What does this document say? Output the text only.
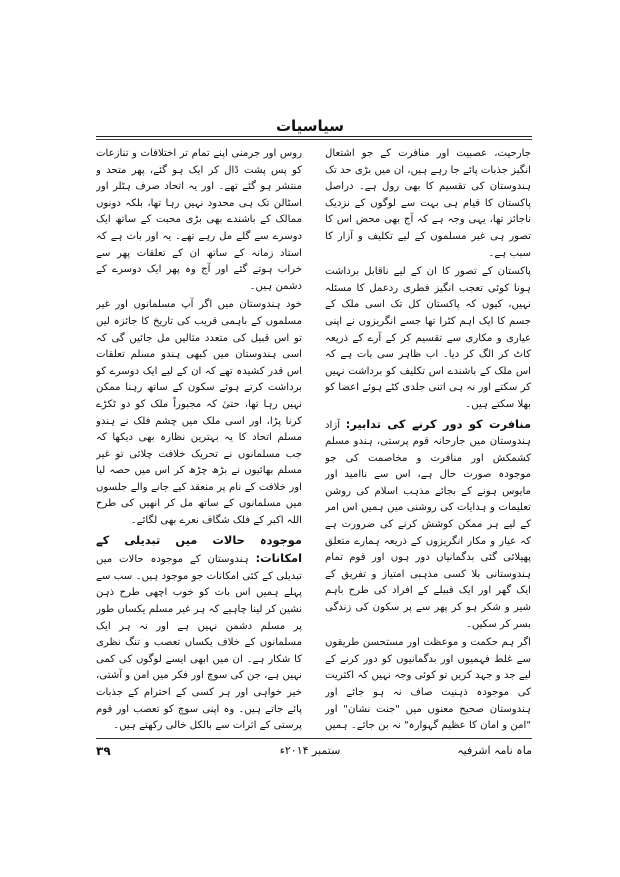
سیاسیات

جارحیت، عصبیت اور منافرت کے جو اشتعال انگیز جذبات پائے جا رہے ہیں، ان میں بڑی حد تک ہندوستان کی تقسیم کا بھی رول ہے۔ دراصل پاکستان کا قیام ہی بہت سے لوگوں کے نزدیک ناجائز تھا، یہی وجہ ہے کہ آج بھی محض اس کا تصور ہی غیر مسلموں کے لیے تکلیف و آزار کا سبب ہے۔

پاکستان کے تصور کا ان کے لیے ناقابل برداشت ہونا کوئی تعجب انگیز فطری ردعمل کا مسئلہ نہیں، کیوں کہ پاکستان کل تک اسی ملک کے جسم کا ایک اہم کٹرا تھا جسے انگریزوں نے اپنی عیاری و مکاری سے تقسیم کر کے آرے کے ذریعہ کاٹ کر الگ کر دیا۔ اب ظاہر سی بات ہے کہ اس ملک کے باشندے اس تکلیف کو برداشت نہیں کر سکتے اور نہ ہی اتنی جلدی کٹے ہوئے اعضا کو بھلا سکتے ہیں۔

منافرت کو دور کرنے کی تدابیر: آزاد ہندوستان میں جارحانہ قوم پرستی، ہندو مسلم کشمکش اور منافرت و مخاصمت کی جو موجودہ صورت حال ہے، اس سے ناامید اور مایوس ہونے کے بجائے مذہب اسلام کی روشن تعلیمات و ہدایات کی روشنی میں ہمیں اس امر کے لیے ہر ممکن کوشش کرنے کی ضرورت ہے کہ عیار و مکار انگریزوں کے ذریعہ ہمارے متعلق پھیلائی گئی بدگمانیاں دور ہوں اور قوم تمام ہندوستانی بلا کسی مذہبی امتیاز و تفریق کے ایک گھر اور ایک قبیلے کے افراد کی طرح باہم شیر و شکر ہو کر پھر سے پر سکون کی زندگی بسر کر سکیں۔

اگر ہم حکمت و موعظت اور مستحسن طریقوں سے غلط فہمیوں اور بدگمانیوں کو دور کرنے کے لیے جد و جہد کریں تو کوئی وجہ نہیں کہ اکثریت کی موجودہ ذہنیت صاف نہ ہو جائے اور ہندوستان صحیح معنوں میں "جنت نشان" اور "امن و امان کا عظیم گہوارہ" نہ بن جائے۔ ہمیں

روس اور جرمنی اپنے تمام تر اختلافات و تنازعات کو پس پشت ڈال کر ایک ہو گئے، پھر متحد و منتشر ہو گئے تھے۔ اور یہ اتحاد صرف ہٹلر اور اسٹالن تک ہی محدود نہیں رہا تھا، بلکہ دونوں ممالک کے باشندے بھی بڑی محبت کے ساتھ ایک دوسرے سے گلے مل رہے تھے۔ یہ اور بات ہے کہ استاد زمانہ کے ساتھ ان کے تعلقات پھر سے خراب ہوتے گئے اور آج وہ پھر ایک دوسرے کے دشمن ہیں۔

خود ہندوستان میں اگر آپ مسلمانوں اور غیر مسلموں کے باہمی قریب کی تاریخ کا جائزہ لیں تو اس قبیل کی متعدد مثالیں مل جائیں گی کہ اسی ہندوستان میں کبھی ہندو مسلم تعلقات اس قدر کشیدہ تھے کہ ان کے لیے ایک دوسرے کو برداشت کرتے ہوئے سکون کے ساتھ رہنا ممکن نہیں رہا تھا، حتیٰ کہ مجبوراً ملک کو دو ٹکڑے کرنا پڑا، اور اسی ملک میں چشم فلک نے ہندو مسلم اتحاد کا یہ بہترین نظارہ بھی دیکھا کہ جب مسلمانوں نے تحریک خلافت چلائی تو غیر مسلم بھائیوں نے بڑھ چڑھ کر اس میں حصہ لیا اور خلافت کے نام پر منعقد کیے جانے والے جلسوں میں مسلمانوں کے ساتھ مل کر انھیں کی طرح اللہ اکبر کے فلک شگاف نعرے بھی لگائے۔

موجودہ حالات میں تبدیلی کے امکانات: ہندوستان کے موجودہ حالات میں تبدیلی کے کئی امکانات جو موجود ہیں۔ سب سے پہلے ہمیں اس بات کو خوب اچھی طرح ذہن نشین کر لینا چاہیے کہ ہر غیر مسلم یکساں طور پر مسلم دشمن نہیں ہے اور نہ ہر ایک مسلمانوں کے خلاف یکساں تعصب و تنگ نظری کا شکار ہے۔ ان میں ابھی ایسے لوگوں کی کمی نہیں ہے، جن کی سوچ اور فکر میں امن و آشتی، خیر خواہی اور ہر کسی کے احترام کے جذبات پائے جاتے ہیں۔ وہ اپنی سوچ کو تعصب اور قوم پرستی کے اثرات سے بالکل خالی رکھتے ہیں۔

ماہ نامہ اشرفیہ
ستمبر ۲۰۱۴ء
۳۹
